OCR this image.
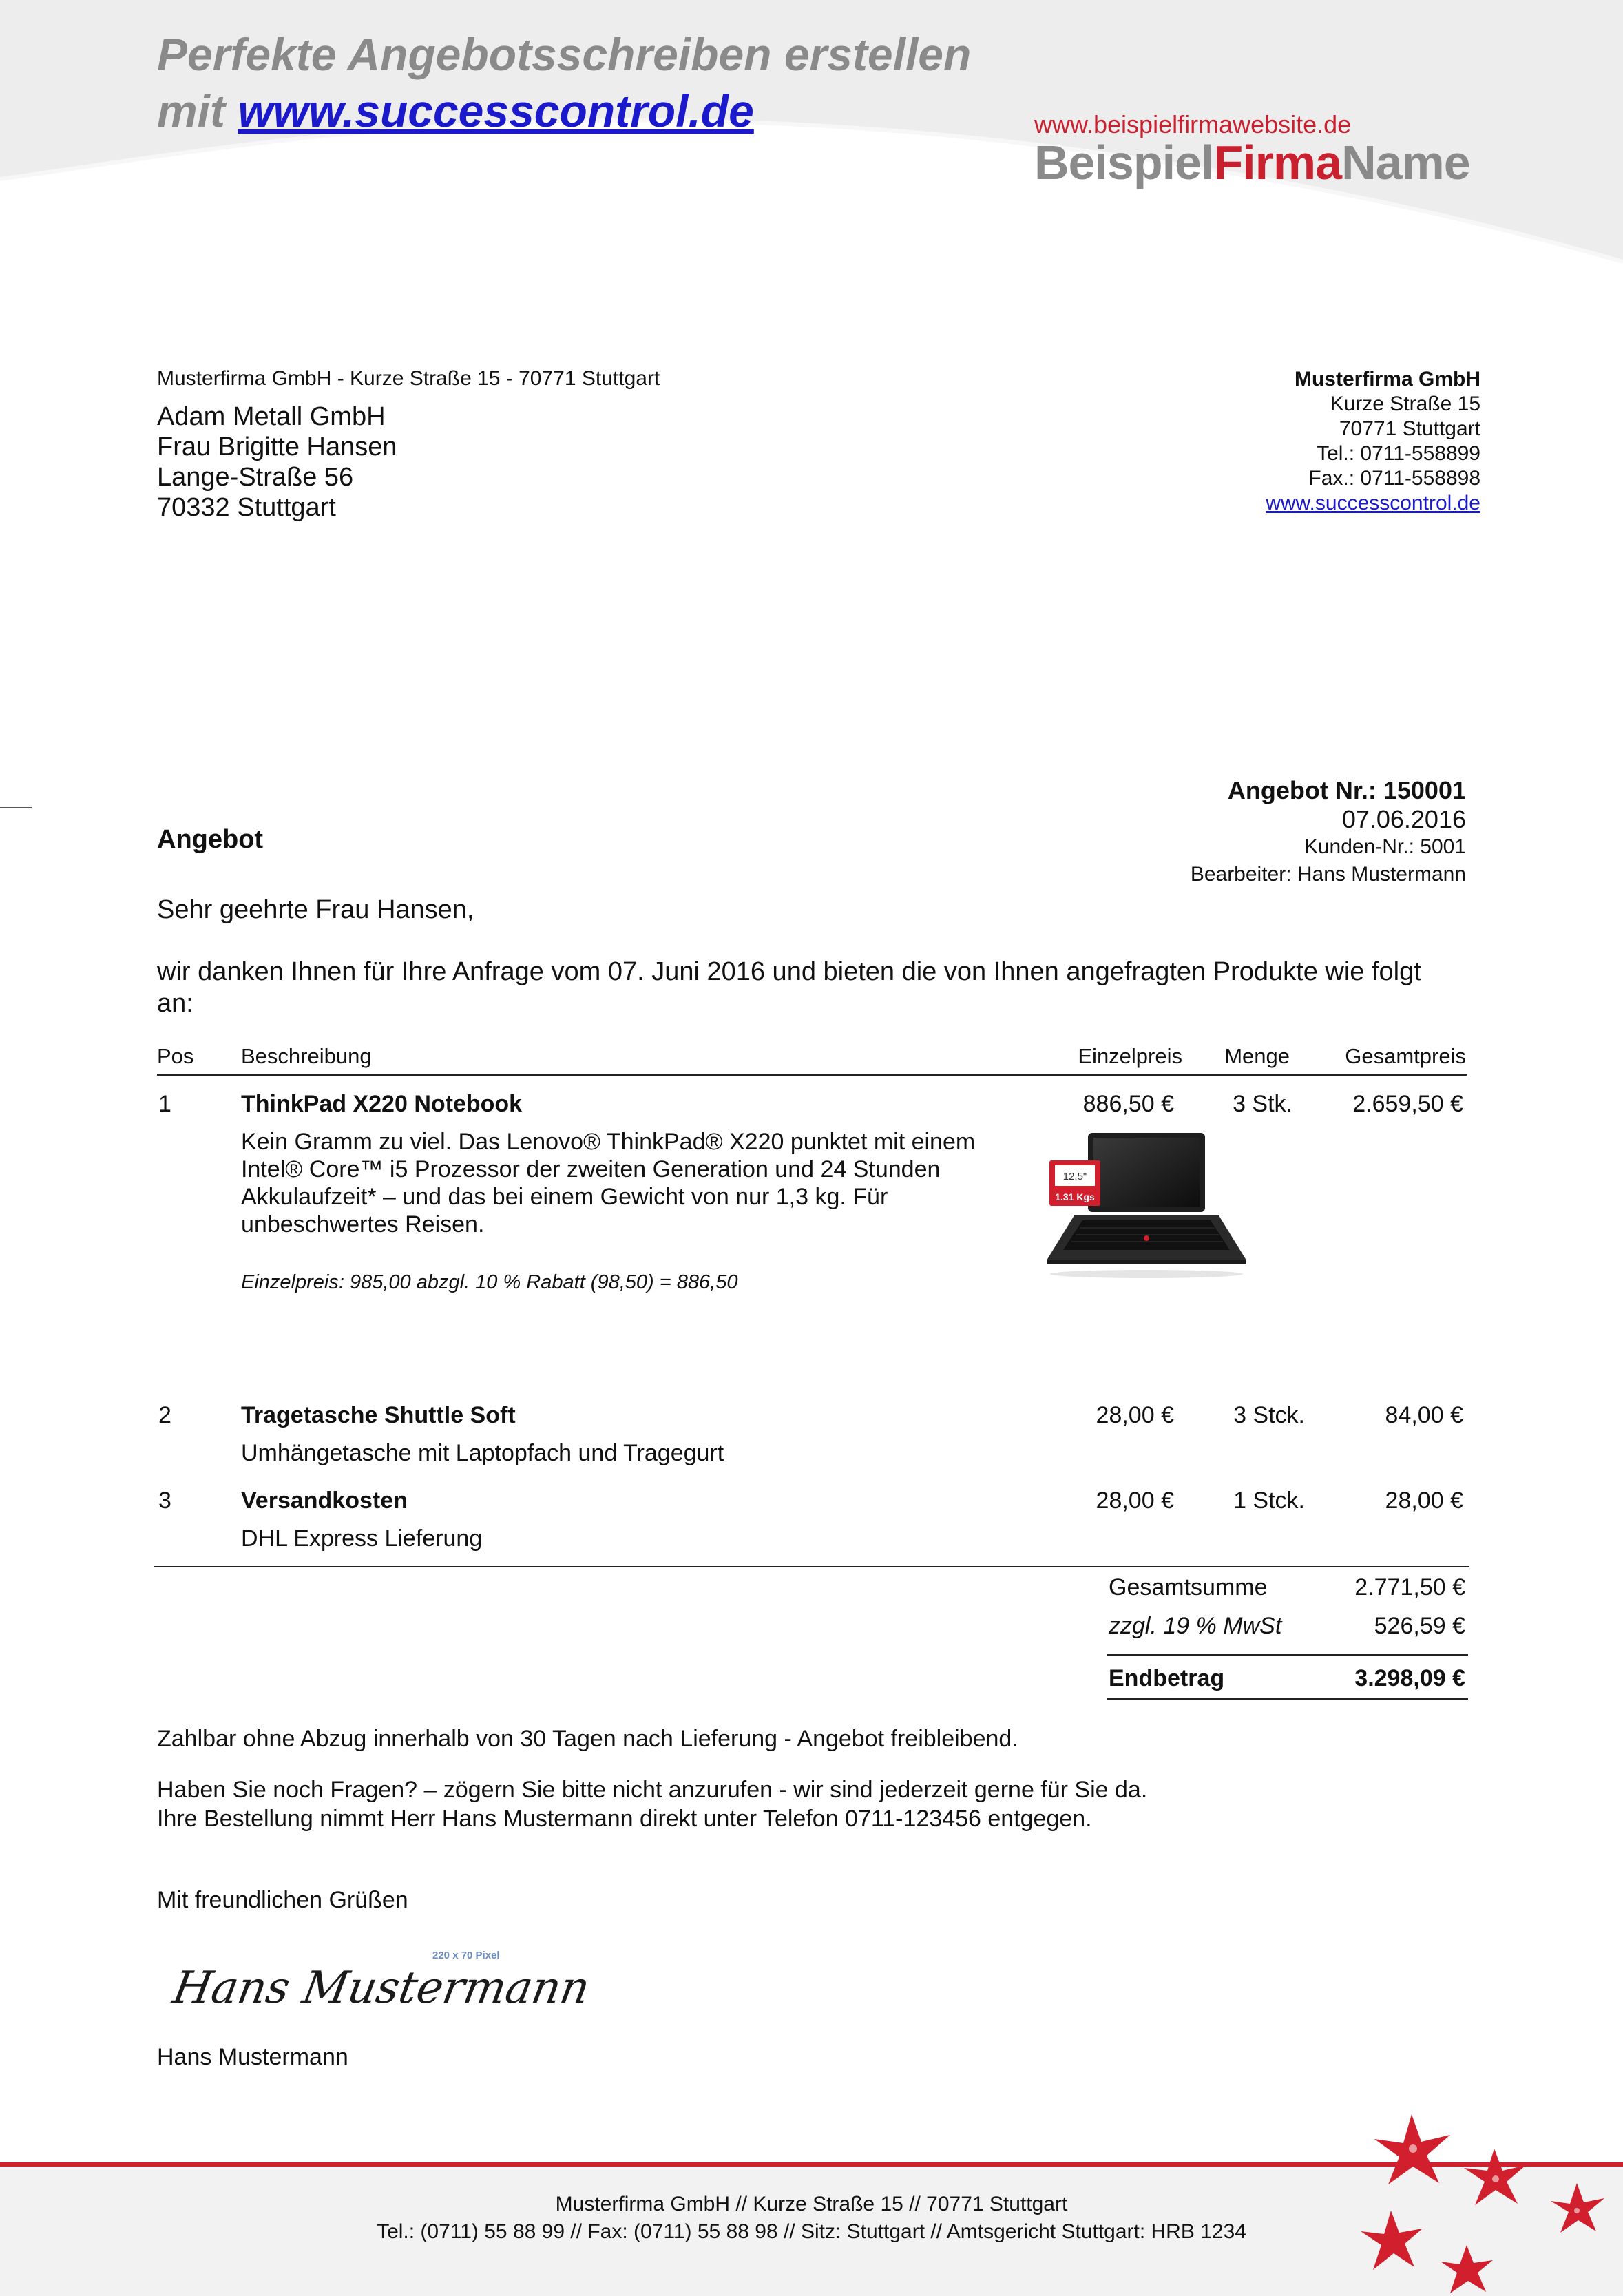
Perfekte Angebotsschreiben erstellen
mit www.successcontrol.de	www.beispielfirmawebsite.de
BeispielFirmaName
Musterfirma GmbH - Kurze Straße 15 - 70771 Stuttgart
Adam Metall GmbH
Frau Brigitte Hansen
Lange-Straße 56
70332 Stuttgart
Musterfirma GmbH
Kurze Straße 15
70771 Stuttgart
Tel.: 0711-558899
Fax.: 0711-558898
www.successcontrol.de
Angebot Nr.: 150001
07.06.2016
Kunden-Nr.: 5001
Bearbeiter: Hans Mustermann
Angebot
Sehr geehrte Frau Hansen,
wir danken Ihnen für Ihre Anfrage vom 07. Juni 2016 und bieten die von Ihnen angefragten Produkte wie folgt an:
Pos Beschreibung	Einzelpreis Menge	Gesamtpreis
1	ThinkPad X220 Notebook	886,50 €	3 Stk.	2.659,50 €
Kein Gramm zu viel. Das Lenovo® ThinkPad® X220 punktet mit einem Intel® Core™ i5 Prozessor der zweiten Generation und 24 Stunden Akkulaufzeit* – und das bei einem Gewicht von nur 1,3 kg. Für unbeschwertes Reisen.
Einzelpreis: 985,00 abzgl. 10 % Rabatt (98,50) = 886,50
12.5"
1.31 Kgs
2	Tragetasche Shuttle Soft	28,00 €	3 Stck.	84,00 €
Umhängetasche mit Laptopfach und Tragegurt
3	Versandkosten	28,00 €	1 Stck.	28,00 €
DHL Express Lieferung
Gesamtsumme	2.771,50 €
zzgl. 19 % MwSt	526,59 €
Endbetrag	3.298,09 €
Zahlbar ohne Abzug innerhalb von 30 Tagen nach Lieferung - Angebot freibleibend.
Haben Sie noch Fragen? – zögern Sie bitte nicht anzurufen - wir sind jederzeit gerne für Sie da.
Ihre Bestellung nimmt Herr Hans Mustermann direkt unter Telefon 0711-123456 entgegen.
Mit freundlichen Grüßen
220 x 70 Pixel
Hans Mustermann
Hans Mustermann
Musterfirma GmbH // Kurze Straße 15 // 70771 Stuttgart
Tel.: (0711) 55 88 99 // Fax: (0711) 55 88 98 // Sitz: Stuttgart // Amtsgericht Stuttgart: HRB 1234
